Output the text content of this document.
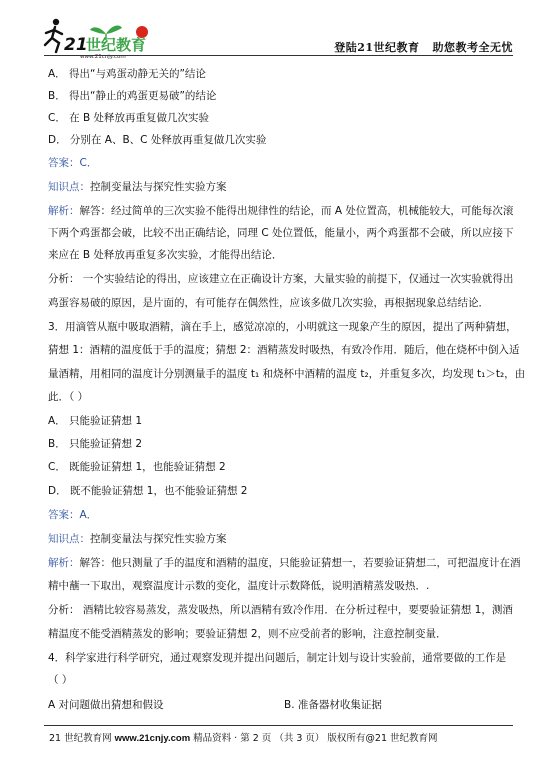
21
世纪教育
www.21cnjy.com
登陆21世纪教育   助您教考全无忧
A． 得出“与鸡蛋动静无关的”结论
B． 得出“静止的鸡蛋更易破”的结论
C． 在 B 处释放再重复做几次实验
D． 分别在 A、B、C 处释放再重复做几次实验
答案：C．
知识点：控制变量法与探究性实验方案
解析：解答：经过简单的三次实验不能得出规律性的结论，而 A 处位置高，机械能较大，可能每次滚
下两个鸡蛋都会破，比较不出正确结论，同理 C 处位置低，能量小，两个鸡蛋都不会破，所以应接下
来应在 B 处释放再重复多次实验，才能得出结论．
分析： 一个实验结论的得出，应该建立在正确设计方案，大量实验的前提下，仅通过一次实验就得出
鸡蛋容易破的原因，是片面的，有可能存在偶然性，应该多做几次实验，再根据现象总结结论．
3．用滴管从瓶中吸取酒精，滴在手上，感觉凉凉的，小明就这一现象产生的原因，提出了两种猜想，
猜想 1：酒精的温度低于手的温度；猜想 2：酒精蒸发时吸热，有致冷作用．随后，他在烧杯中倒入适
量酒精，用相同的温度计分别测量手的温度 t₁ 和烧杯中酒精的温度 t₂，并重复多次，均发现 t₁＞t₂，由
此．（ ）
A． 只能验证猜想 1
B． 只能验证猜想 2
C． 既能验证猜想 1，也能验证猜想 2
D． 既不能验证猜想 1，也不能验证猜想 2
答案：A．
知识点：控制变量法与探究性实验方案
解析：解答：他只测量了手的温度和酒精的温度，只能验证猜想一，若要验证猜想二，可把温度计在酒
精中蘸一下取出，观察温度计示数的变化，温度计示数降低，说明酒精蒸发吸热．.
分析： 酒精比较容易蒸发，蒸发吸热，所以酒精有致冷作用．在分析过程中，要要验证猜想 1，测酒
精温度不能受酒精蒸发的影响；要验证猜想 2，则不应受前者的影响，注意控制变量．
4．科学家进行科学研究，通过观察发现并提出问题后，制定计划与设计实验前，通常要做的工作是
（ ）
A 对问题做出猜想和假设	B. 准备器材收集证据
21 世纪教育网 www.21cnjy.com 精品资料 · 第 2 页 （共 3 页） 版权所有@21 世纪教育网
